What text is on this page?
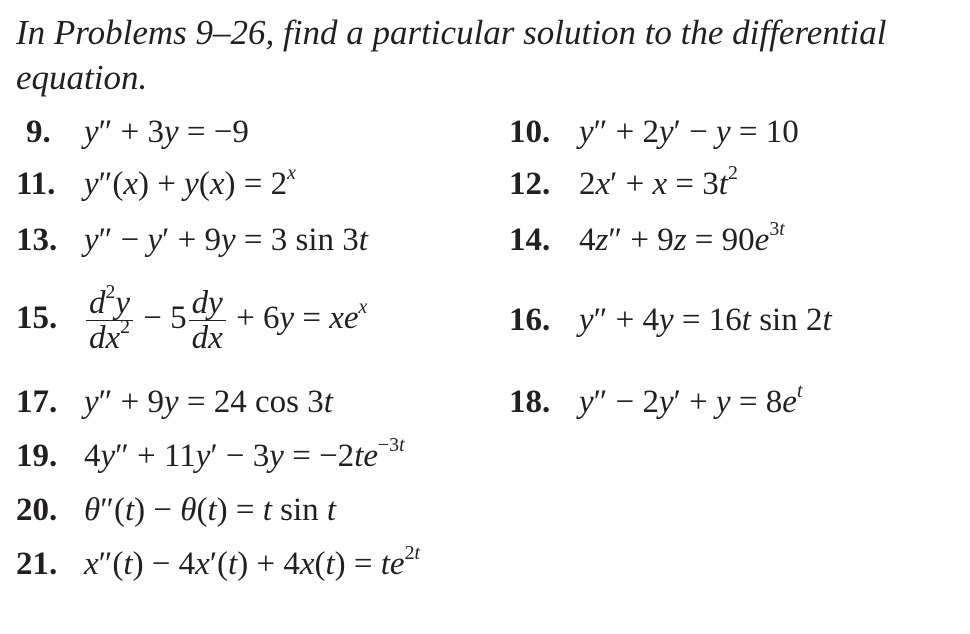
In Problems 9–26, find a particular solution to the differential equation.

9. y″ + 3y = −9	10. y″ + 2y′ − y = 10
11. $y''(x) + y(x) = 2^x$	12. $2x' + x = 3t^2$
13. y″ − y′ + 9y = 3 sin 3t	14. $4z'' + 9z = 90e^{3t}$
15. $\frac{d^2y}{dx^2} - 5 \frac{dy}{dx} + 6y = xe^x$	16. y″ + 4y = 16t sin 2t
17. y″ + 9y = 24 cos 3t	18. $y'' - 2y' + y = 8e^t$
19. $4y'' + 11y' - 3y = -2te^{-3t}$
20. θ″(t) − θ(t) = t sin t
21. $x''(t) - 4x'(t) + 4x(t) = te^{2t}$
